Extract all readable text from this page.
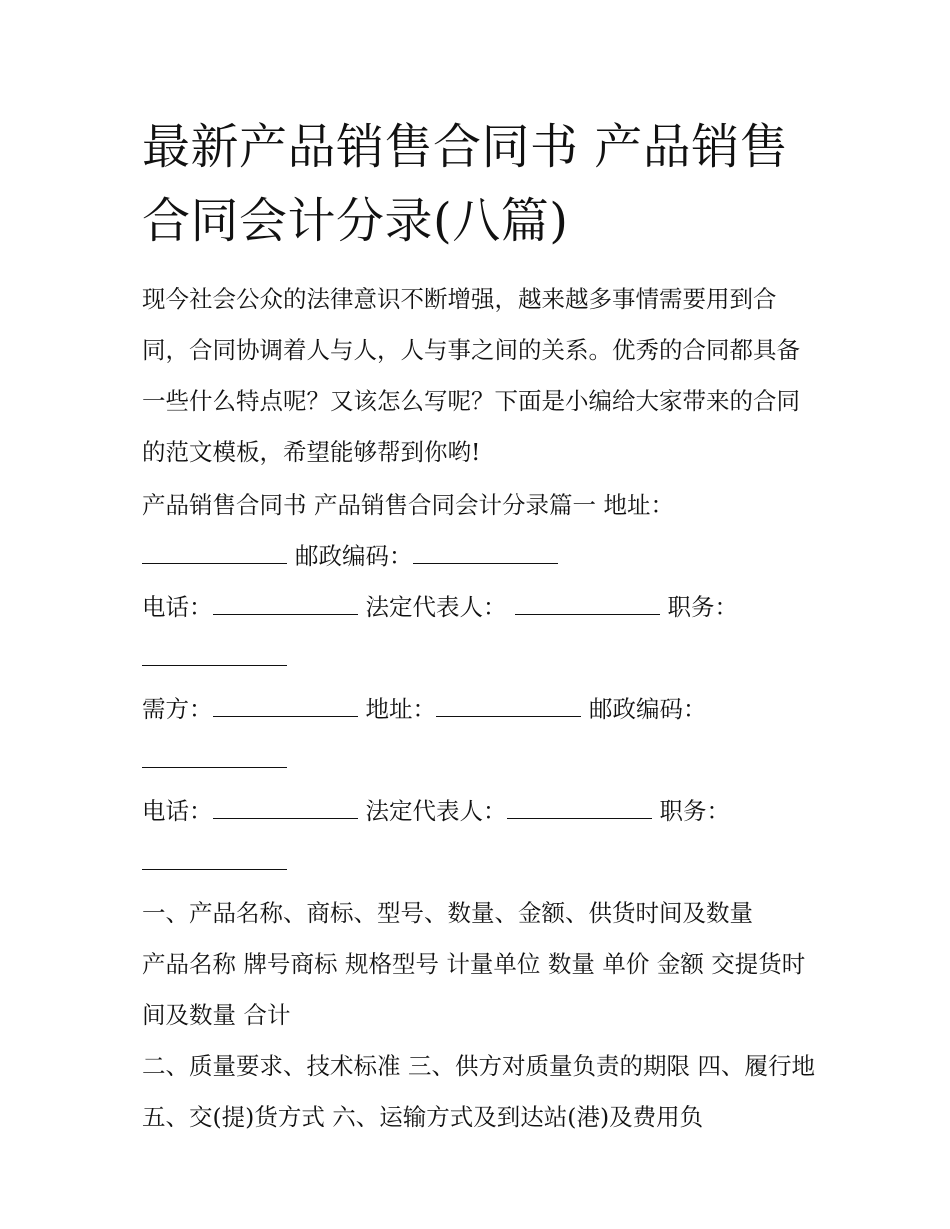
最新产品销售合同书 产品销售
合同会计分录(八篇)

现今社会公众的法律意识不断增强，越来越多事情需要用到合同，合同协调着人与人，人与事之间的关系。优秀的合同都具备一些什么特点呢？又该怎么写呢？下面是小编给大家带来的合同的范文模板，希望能够帮到你哟!

产品销售合同书 产品销售合同会计分录篇一 地址：
邮政编码：

电话：	法定代表人：	职务：

需方：	地址：	邮政编码：

电话：	法定代表人：	职务：

一、产品名称、商标、型号、数量、金额、供货时间及数量

产品名称 牌号商标 规格型号 计量单位 数量 单价 金额 交提货时间及数量 合计

二、质量要求、技术标准 三、供方对质量负责的期限 四、履行地 五、交(提)货方式 六、运输方式及到达站(港)及费用负
